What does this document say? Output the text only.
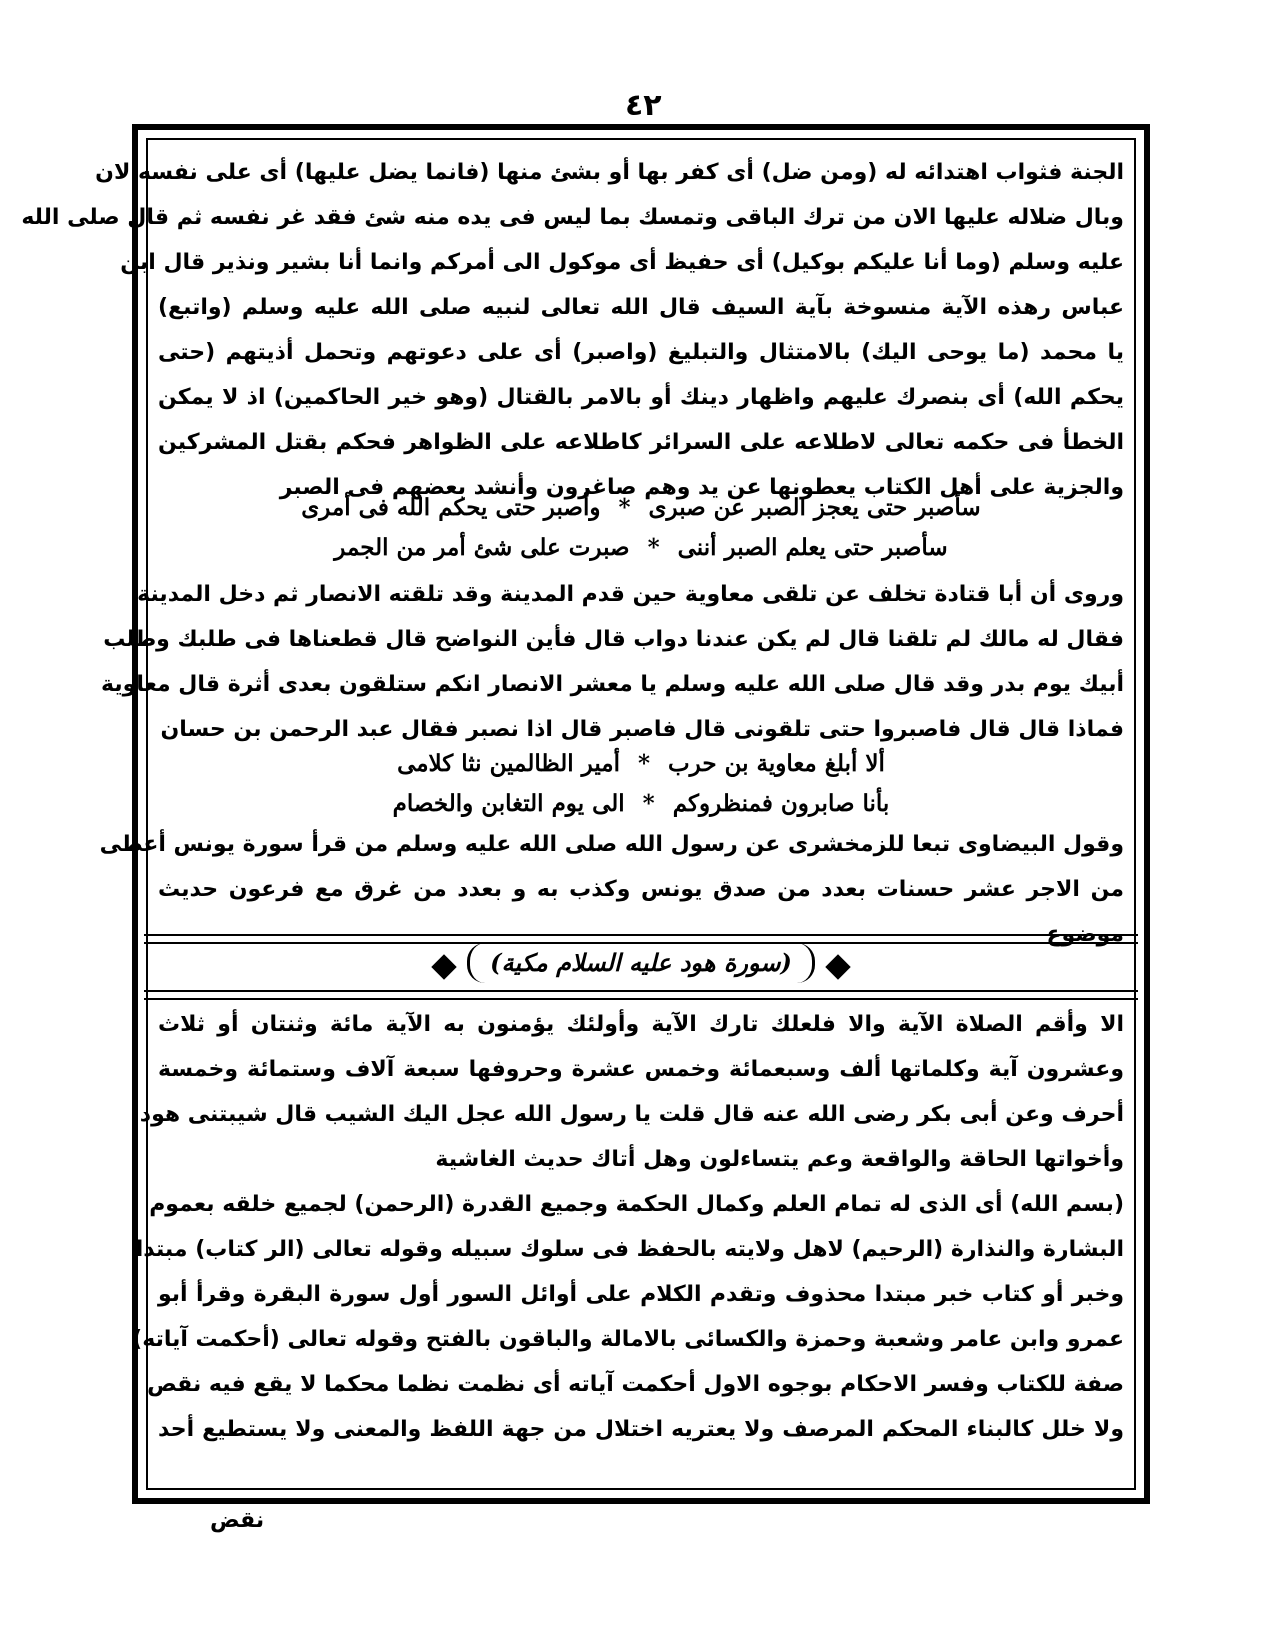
٤٢
الجنة فثواب اهتدائه له (ومن ضل) أى كفر بها أو بشئ منها (فانما يضل عليها) أى على نفسه لان
وبال ضلاله عليها الان من ترك الباقى وتمسك بما ليس فى يده منه شئ فقد غر نفسه ثم قال صلى الله
عليه وسلم (وما أنا عليكم بوكيل) أى حفيظ أى موكول الى أمركم وانما أنا بشير ونذير قال ابن
عباس رهذه الآية منسوخة بآية السيف قال الله تعالى لنبيه صلى الله عليه وسلم (واتبع)
يا محمد (ما يوحى اليك) بالامتثال والتبليغ (واصبر) أى على دعوتهم وتحمل أذيتهم (حتى
يحكم الله) أى بنصرك عليهم واظهار دينك أو بالامر بالقتال (وهو خير الحاكمين) اذ لا يمكن
الخطأ فى حكمه تعالى لاطلاعه على السرائر كاطلاعه على الظواهر فحكم بقتل المشركين
والجزية على أهل الكتاب يعطونها عن يد وهم صاغرون وأنشد بعضهم فى الصبر
سأصبر حتى يعجز الصبر عن صبرى*وأصبر حتى يحكم الله فى أمرى
سأصبر حتى يعلم الصبر أننى*صبرت على شئ أمر من الجمر
وروى أن أبا قتادة تخلف عن تلقى معاوية حين قدم المدينة وقد تلقته الانصار ثم دخل المدينة
فقال له مالك لم تلقنا قال لم يكن عندنا دواب قال فأين النواضح قال قطعناها فى طلبك وطلب
أبيك يوم بدر وقد قال صلى الله عليه وسلم يا معشر الانصار انكم ستلقون بعدى أثرة قال معاوية
فماذا قال قال فاصبروا حتى تلقونى قال فاصبر قال اذا نصبر فقال عبد الرحمن بن حسان
ألا أبلغ معاوية بن حرب*أمير الظالمين نثا كلامى
بأنا صابرون فمنظروكم*الى يوم التغابن والخصام
وقول البيضاوى تبعا للزمخشرى عن رسول الله صلى الله عليه وسلم من قرأ سورة يونس أعطى
من الاجر عشر حسنات بعدد من صدق يونس وكذب به و بعدد من غرق مع فرعون حديث
موضوع
(سورة هود عليه السلام مكية)
الا وأقم الصلاة الآية والا فلعلك تارك الآية وأولئك يؤمنون به الآية مائة وثنتان أو ثلاث
وعشرون آية وكلماتها ألف وسبعمائة وخمس عشرة وحروفها سبعة آلاف وستمائة وخمسة
أحرف وعن أبى بكر رضى الله عنه قال قلت يا رسول الله عجل اليك الشيب قال شيبتنى هود
وأخواتها الحاقة والواقعة وعم يتساءلون وهل أتاك حديث الغاشية
(بسم الله) أى الذى له تمام العلم وكمال الحكمة وجميع القدرة (الرحمن) لجميع خلقه بعموم
البشارة والنذارة (الرحيم) لاهل ولايته بالحفظ فى سلوك سبيله وقوله تعالى (الر كتاب) مبتدا
وخبر أو كتاب خبر مبتدا محذوف وتقدم الكلام على أوائل السور أول سورة البقرة وقرأ أبو
عمرو وابن عامر وشعبة وحمزة والكسائى بالامالة والباقون بالفتح وقوله تعالى (أحكمت آياته)
صفة للكتاب وفسر الاحكام بوجوه الاول أحكمت آياته أى نظمت نظما محكما لا يقع فيه نقص
ولا خلل كالبناء المحكم المرصف ولا يعتريه اختلال من جهة اللفظ والمعنى ولا يستطيع أحد
نقض
